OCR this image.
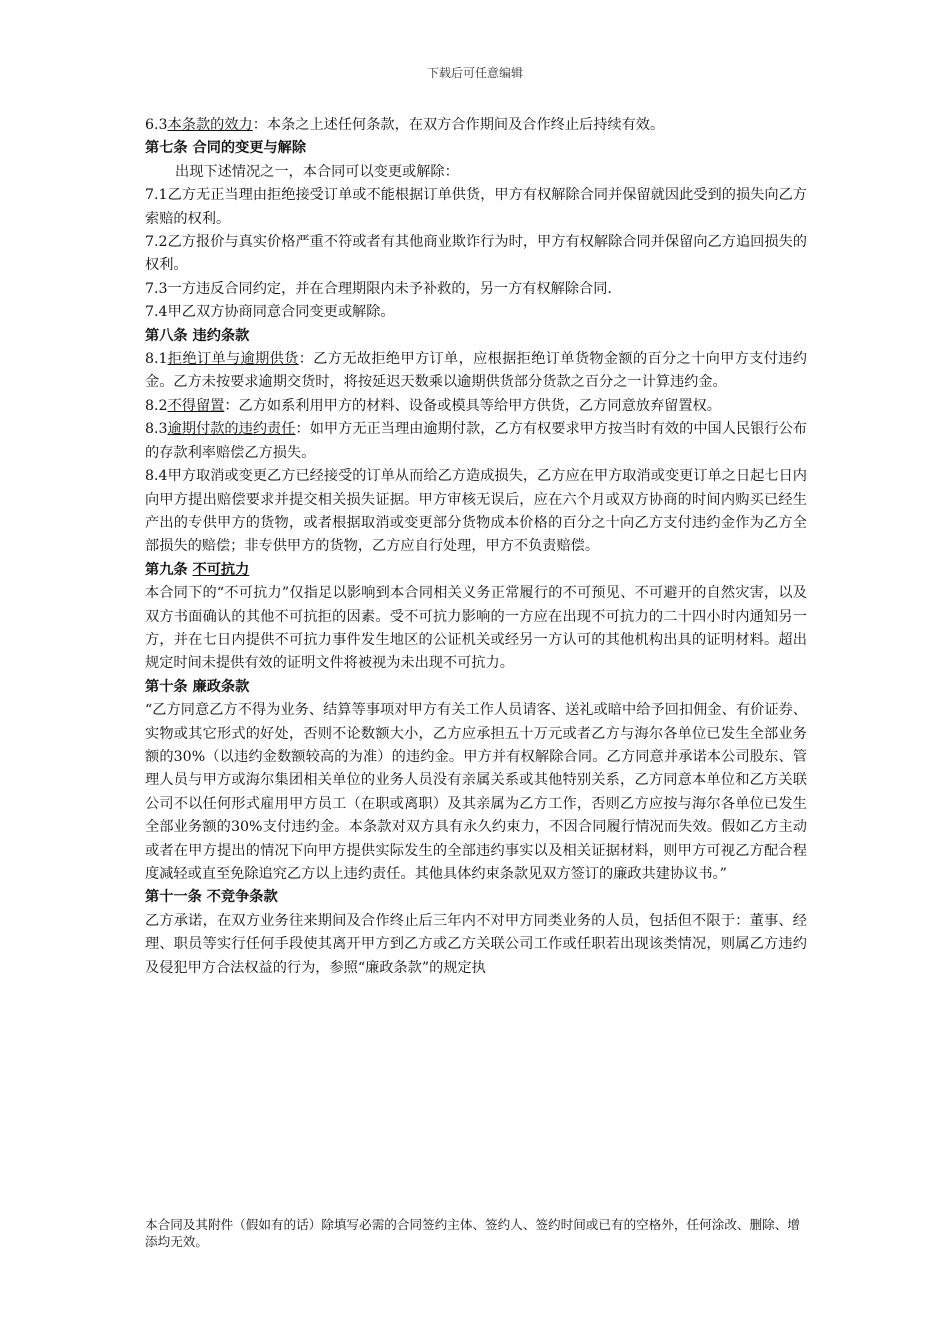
下载后可任意编辑

6.3本条款的效力：本条之上述任何条款，在双方合作期间及合作终止后持续有效。

第七条 合同的变更与解除

出现下述情况之一，本合同可以变更或解除：

7.1乙方无正当理由拒绝接受订单或不能根据订单供货，甲方有权解除合同并保留就因此受到的损失向乙方索赔的权利。

7.2乙方报价与真实价格严重不符或者有其他商业欺诈行为时，甲方有权解除合同并保留向乙方追回损失的权利。

7.3一方违反合同约定，并在合理期限内未予补救的，另一方有权解除合同.

7.4甲乙双方协商同意合同变更或解除。

第八条 违约条款

8.1拒绝订单与逾期供货：乙方无故拒绝甲方订单，应根据拒绝订单货物金额的百分之十向甲方支付违约金。乙方未按要求逾期交货时，将按延迟天数乘以逾期供货部分货款之百分之一计算违约金。

8.2不得留置：乙方如系利用甲方的材料、设备或模具等给甲方供货，乙方同意放弃留置权。

8.3逾期付款的违约责任：如甲方无正当理由逾期付款，乙方有权要求甲方按当时有效的中国人民银行公布的存款利率赔偿乙方损失。

8.4甲方取消或变更乙方已经接受的订单从而给乙方造成损失，乙方应在甲方取消或变更订单之日起七日内向甲方提出赔偿要求并提交相关损失证据。甲方审核无误后，应在六个月或双方协商的时间内购买已经生产出的专供甲方的货物，或者根据取消或变更部分货物成本价格的百分之十向乙方支付违约金作为乙方全部损失的赔偿；非专供甲方的货物，乙方应自行处理，甲方不负责赔偿。

第九条 不可抗力

本合同下的“不可抗力”仅指足以影响到本合同相关义务正常履行的不可预见、不可避开的自然灾害，以及双方书面确认的其他不可抗拒的因素。受不可抗力影响的一方应在出现不可抗力的二十四小时内通知另一方，并在七日内提供不可抗力事件发生地区的公证机关或经另一方认可的其他机构出具的证明材料。超出规定时间未提供有效的证明文件将被视为未出现不可抗力。

第十条 廉政条款

“乙方同意乙方不得为业务、结算等事项对甲方有关工作人员请客、送礼或暗中给予回扣佣金、有价证券、实物或其它形式的好处，否则不论数额大小，乙方应承担五十万元或者乙方与海尔各单位已发生全部业务额的30%（以违约金数额较高的为准）的违约金。甲方并有权解除合同。乙方同意并承诺本公司股东、管理人员与甲方或海尔集团相关单位的业务人员没有亲属关系或其他特别关系，乙方同意本单位和乙方关联公司不以任何形式雇用甲方员工（在职或离职）及其亲属为乙方工作，否则乙方应按与海尔各单位已发生全部业务额的30%支付违约金。本条款对双方具有永久约束力，不因合同履行情况而失效。假如乙方主动或者在甲方提出的情况下向甲方提供实际发生的全部违约事实以及相关证据材料，则甲方可视乙方配合程度减轻或直至免除追究乙方以上违约责任。其他具体约束条款见双方签订的廉政共建协议书。”

第十一条 不竞争条款

乙方承诺，在双方业务往来期间及合作终止后三年内不对甲方同类业务的人员，包括但不限于：董事、经理、职员等实行任何手段使其离开甲方到乙方或乙方关联公司工作或任职若出现该类情况，则属乙方违约及侵犯甲方合法权益的行为，参照“廉政条款”的规定执

本合同及其附件（假如有的话）除填写必需的合同签约主体、签约人、签约时间或已有的空格外，任何涂改、删除、增添均无效。
